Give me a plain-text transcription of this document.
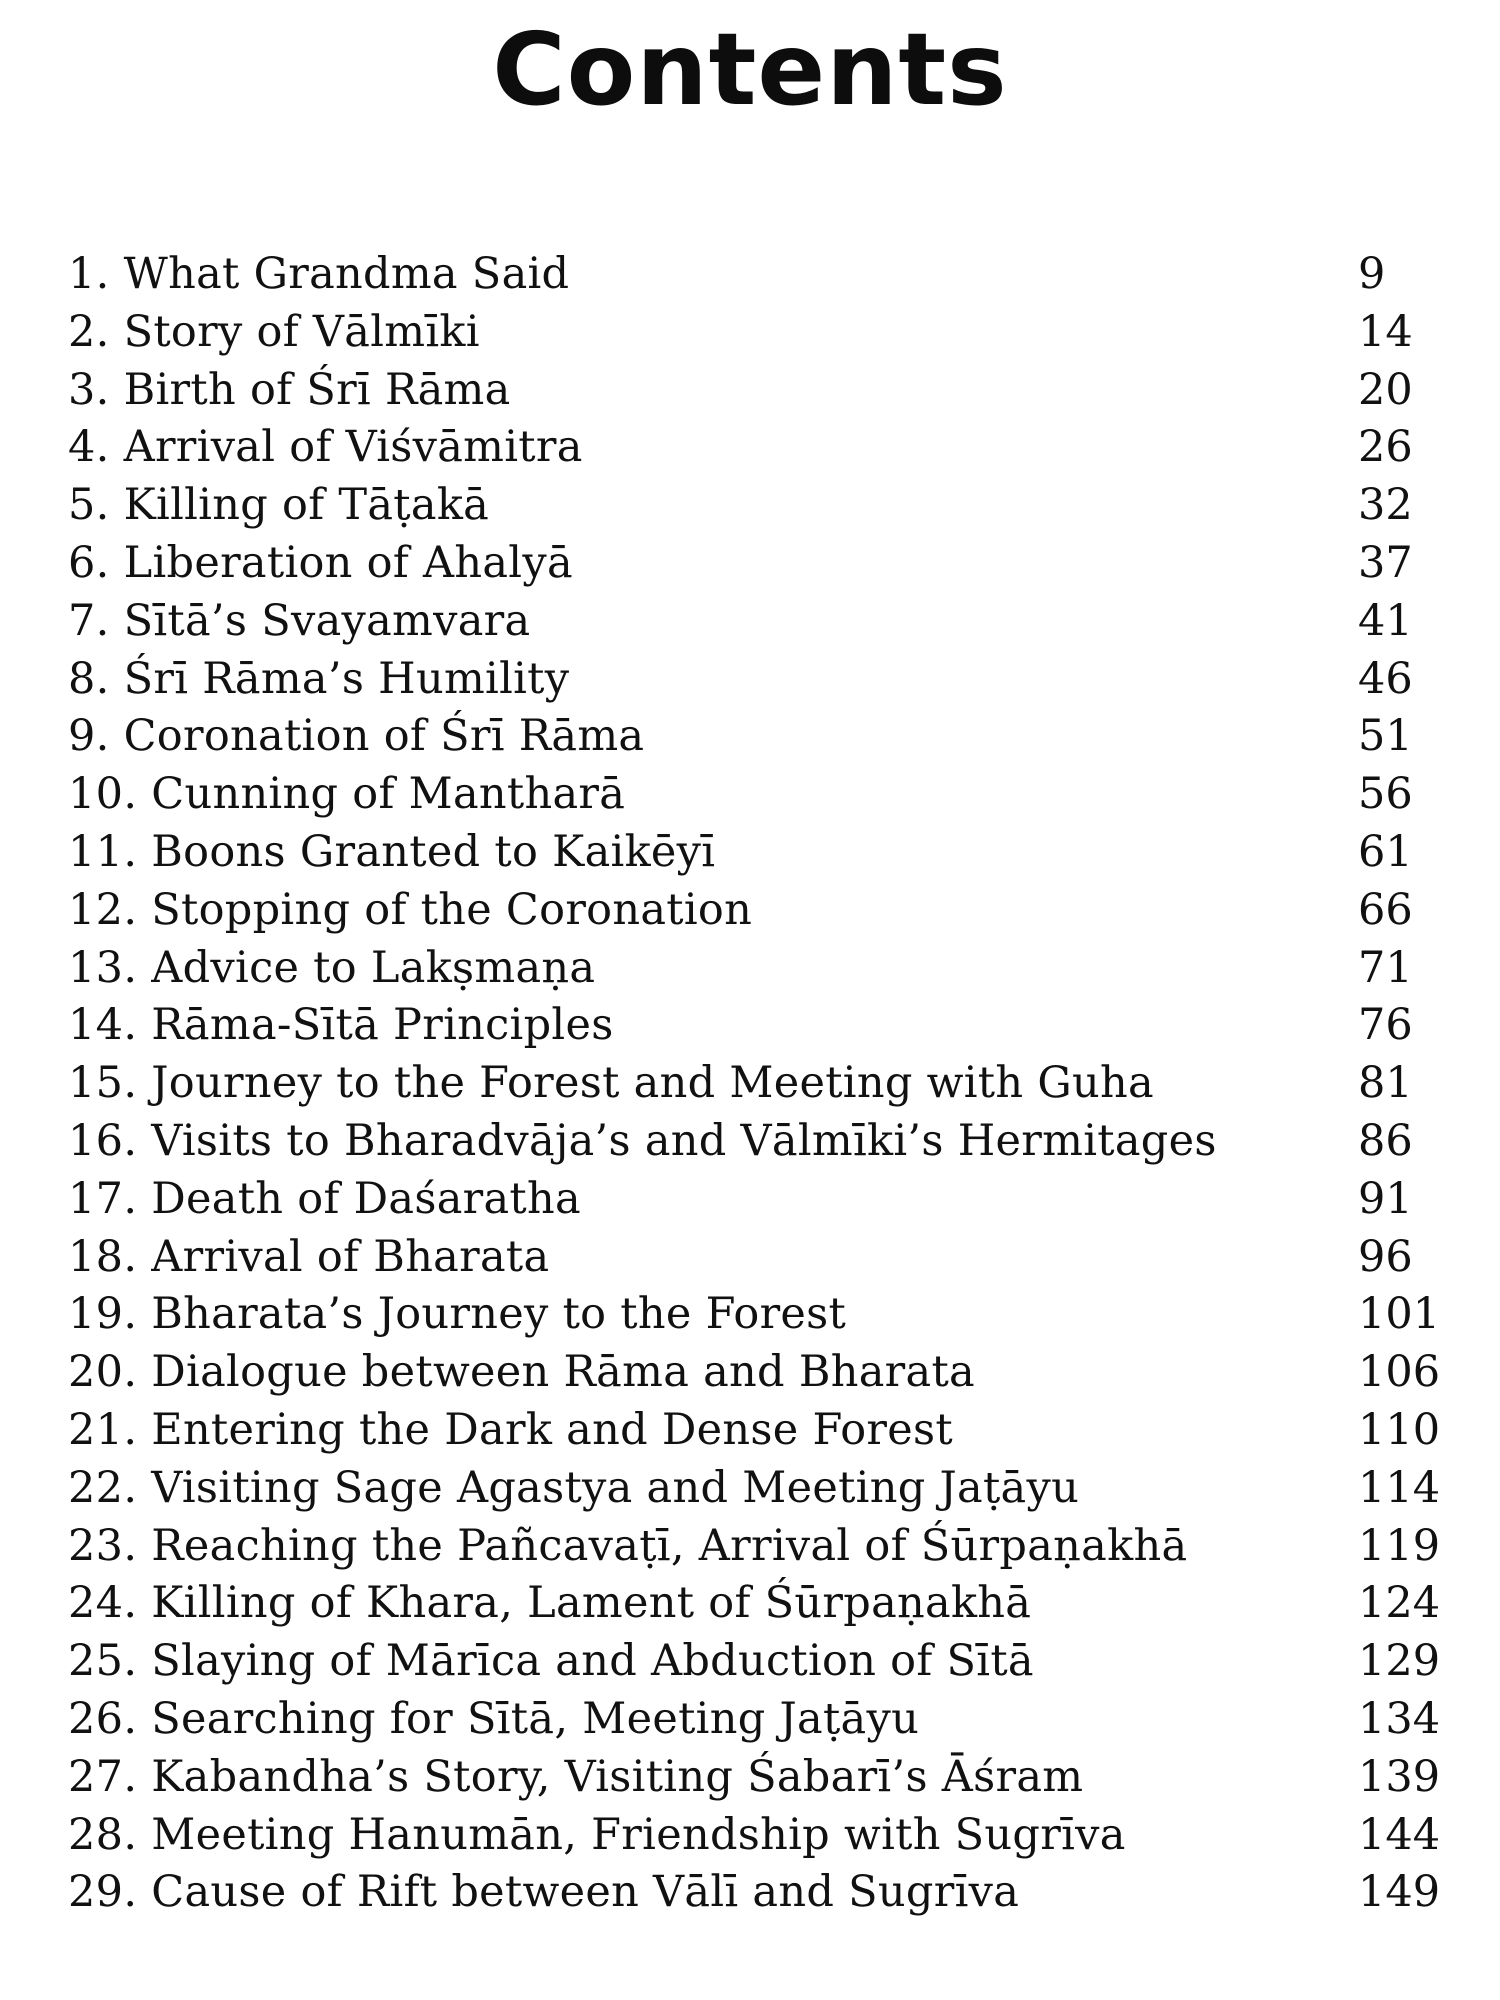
Contents
1. What Grandma Said	9
2. Story of Vālmīki	14
3. Birth of Śrī Rāma	20
4. Arrival of Viśvāmitra	26
5. Killing of Tāṭakā	32
6. Liberation of Ahalyā	37
7. Sītā’s Svayamvara	41
8. Śrī Rāma’s Humility	46
9. Coronation of Śrī Rāma	51
10. Cunning of Mantharā	56
11. Boons Granted to Kaikēyī	61
12. Stopping of the Coronation	66
13. Advice to Lakṣmaṇa	71
14. Rāma-Sītā Principles	76
15. Journey to the Forest and Meeting with Guha	81
16. Visits to Bharadvāja’s and Vālmīki’s Hermitages	86
17. Death of Daśaratha	91
18. Arrival of Bharata	96
19. Bharata’s Journey to the Forest	101
20. Dialogue between Rāma and Bharata	106
21. Entering the Dark and Dense Forest	110
22. Visiting Sage Agastya and Meeting Jaṭāyu	114
23. Reaching the Pañcavaṭī, Arrival of Śūrpaṇakhā	119
24. Killing of Khara, Lament of Śūrpaṇakhā	124
25. Slaying of Mārīca and Abduction of Sītā	129
26. Searching for Sītā, Meeting Jaṭāyu	134
27. Kabandha’s Story, Visiting Śabarī’s Āśram	139
28. Meeting Hanumān, Friendship with Sugrīva	144
29. Cause of Rift between Vālī and Sugrīva	149
